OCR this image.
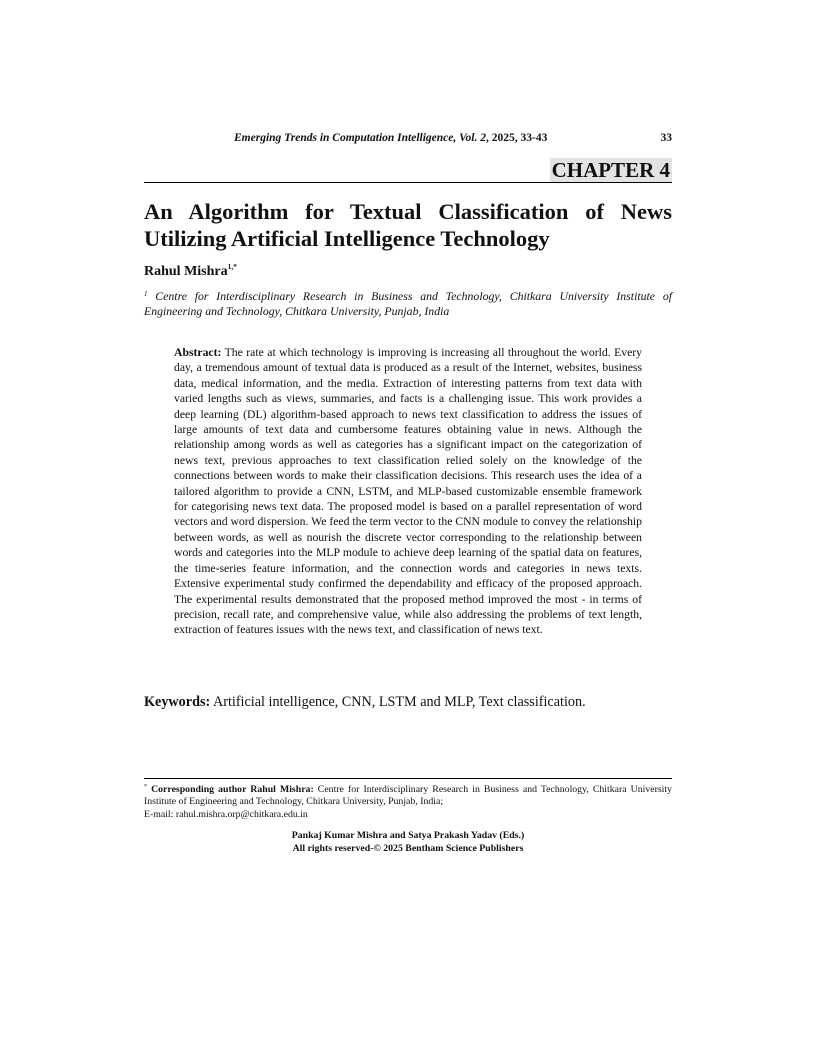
Emerging Trends in Computation Intelligence, Vol. 2, 2025, 33-43	33
CHAPTER 4
An Algorithm for Textual Classification of News Utilizing Artificial Intelligence Technology
Rahul Mishra$^{1,*}$

$^1$ Centre for Interdisciplinary Research in Business and Technology, Chitkara University Institute of Engineering and Technology, Chitkara University, Punjab, India

Abstract: The rate at which technology is improving is increasing all throughout the world. Every day, a tremendous amount of textual data is produced as a result of the Internet, websites, business data, medical information, and the media. Extraction of interesting patterns from text data with varied lengths such as views, summaries, and facts is a challenging issue. This work provides a deep learning (DL) algorithm-based approach to news text classification to address the issues of large amounts of text data and cumbersome features obtaining value in news. Although the relationship among words as well as categories has a significant impact on the categorization of news text, previous approaches to text classification relied solely on the knowledge of the connections between words to make their classification decisions. This research uses the idea of a tailored algorithm to provide a CNN, LSTM, and MLP-based customizable ensemble framework for categorising news text data. The proposed model is based on a parallel representation of word vectors and word dispersion. We feed the term vector to the CNN module to convey the relationship between words, as well as nourish the discrete vector corresponding to the relationship between words and categories into the MLP module to achieve deep learning of the spatial data on features, the time-series feature information, and the connection words and categories in news texts. Extensive experimental study confirmed the dependability and efficacy of the proposed approach. The experimental results demonstrated that the proposed method improved the most - in terms of precision, recall rate, and comprehensive value, while also addressing the problems of text length, extraction of features issues with the news text, and classification of news text.

Keywords: Artificial intelligence, CNN, LSTM and MLP, Text classification.

* Corresponding author Rahul Mishra: Centre for Interdisciplinary Research in Business and Technology, Chitkara University Institute of Engineering and Technology, Chitkara University, Punjab, India;
E-mail: rahul.mishra.orp@chitkara.edu.in

Pankaj Kumar Mishra and Satya Prakash Yadav (Eds.)
All rights reserved-© 2025 Bentham Science Publishers
